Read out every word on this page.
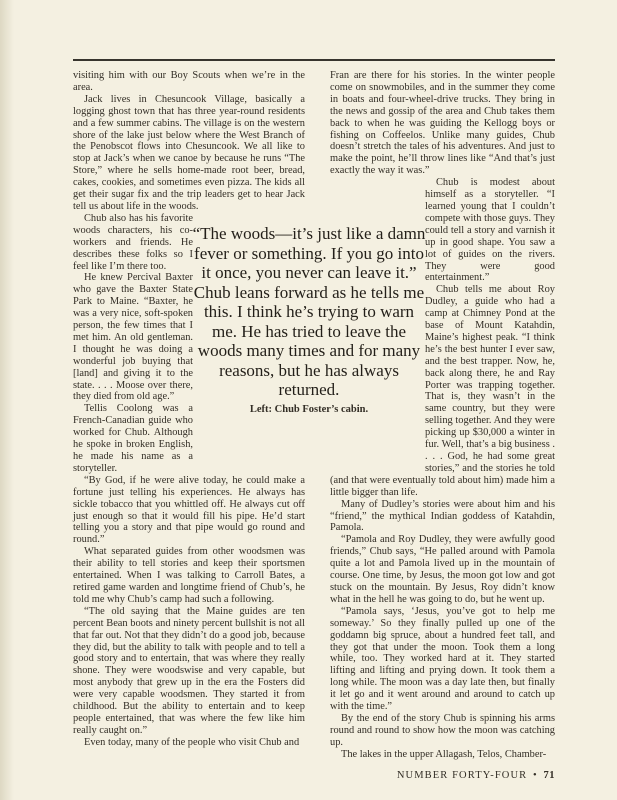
visiting him with our Boy Scouts when we’re in the area.

Jack lives in Chesuncook Village, basically a logging ghost town that has three year-round residents and a few summer cabins. The village is on the western shore of the lake just below where the West Branch of the Penobscot flows into Chesuncook. We all like to stop at Jack’s when we canoe by because he runs “The Store,” where he sells home-made root beer, bread, cakes, cookies, and sometimes even pizza. The kids all get their sugar fix and the trip leaders get to hear Jack tell us about life in the woods.

Chub also has his favorite woods characters, his co-workers and friends. He describes these folks so I feel like I’m there too.

He knew Percival Baxter who gave the Baxter State Park to Maine. “Baxter, he was a very nice, soft-spoken person, the few times that I met him. An old gentleman. I thought he was doing a wonderful job buying that [land] and giving it to the state. . . . Moose over there, they died from old age.”

Tellis Coolong was a French-Canadian guide who worked for Chub. Although he spoke in broken English, he made his name as a storyteller.

“By God, if he were alive today, he could make a fortune just telling his experiences. He always has sickle tobacco that you whittled off. He always cut off just enough so that it would fill his pipe. He’d start telling you a story and that pipe would go round and round.”

What separated guides from other woodsmen was their ability to tell stories and keep their sportsmen entertained. When I was talking to Carroll Bates, a retired game warden and longtime friend of Chub’s, he told me why Chub’s camp had such a following.

“The old saying that the Maine guides are ten percent Bean boots and ninety percent bullshit is not all that far out. Not that they didn’t do a good job, because they did, but the ability to talk with people and to tell a good story and to entertain, that was where they really shone. They were woodswise and very capable, but most anybody that grew up in the era the Fosters did were very capable woodsmen. They started it from childhood. But the ability to entertain and to keep people entertained, that was where the few like him really caught on.”

Even today, many of the people who visit Chub and

Fran are there for his stories. In the winter people come on snowmobiles, and in the summer they come in boats and four-wheel-drive trucks. They bring in the news and gossip of the area and Chub takes them back to when he was guiding the Kellogg boys or fishing on Coffeelos. Unlike many guides, Chub doesn’t stretch the tales of his adventures. And just to make the point, he’ll throw lines like “And that’s just exactly the way it was.”

Chub is modest about himself as a storyteller. “I learned young that I couldn’t compete with those guys. They could tell a story and varnish it up in good shape. You saw a lot of guides on the rivers. They were good entertainment.”

Chub tells me about Roy Dudley, a guide who had a camp at Chimney Pond at the base of Mount Katahdin, Maine’s highest peak. “I think he’s the best hunter I ever saw, and the best trapper. Now, he, back along there, he and Ray Porter was trapping together. That is, they wasn’t in the same country, but they were selling together. And they were picking up $30,000 a winter in fur. Well, that’s a big business . . . . God, he had some great stories,” and the stories he told (and that were eventually told about him) made him a little bigger than life.

Many of Dudley’s stories were about him and his “friend,” the mythical Indian goddess of Katahdin, Pamola.

“Pamola and Roy Dudley, they were awfully good friends,” Chub says, “He palled around with Pamola quite a lot and Pamola lived up in the mountain of course. One time, by Jesus, the moon got low and got stuck on the mountain. By Jesus, Roy didn’t know what in the hell he was going to do, but he went up.

“Pamola says, ‘Jesus, you’ve got to help me someway.’ So they finally pulled up one of the goddamn big spruce, about a hundred feet tall, and they got that under the moon. Took them a long while, too. They worked hard at it. They started lifting and lifting and prying down. It took them a long while. The moon was a day late then, but finally it let go and it went around and around to catch up with the time.”

By the end of the story Chub is spinning his arms round and round to show how the moon was catching up.

The lakes in the upper Allagash, Telos, Chamber-

“The woods—it’s just like a damn fever or something. If you go into it once, you never can leave it.” Chub leans forward as he tells me this. I think he’s trying to warn me. He has tried to leave the woods many times and for many reasons, but he has always returned.
Left: Chub Foster’s cabin.
NUMBER FORTY-FOUR • 71
